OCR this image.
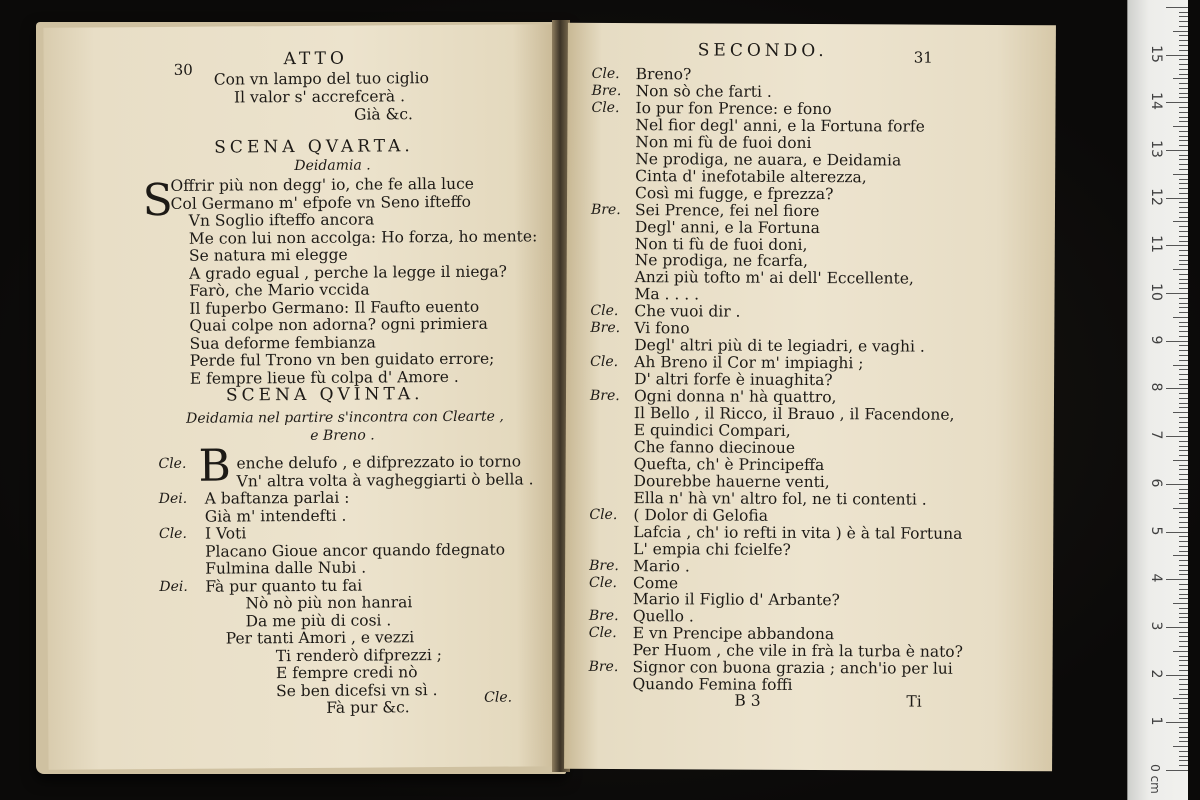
30
ATTO
Con vn lampo del tuo ciglio
Il valor s' accrefcerà .
Già &c.
SCENA QVARTA.
Deidamia .
S
Offrir più non degg' io, che fe alla luce
Col Germano m' efpofe vn Seno ifteffo
Vn Soglio ifteffo ancora
Me con lui non accolga: Ho forza, ho mente:
Se natura mi elegge
A grado egual , perche la legge il niega?
Farò, che Mario vccida
Il fuperbo Germano: Il Faufto euento
Quai colpe non adorna? ogni primiera
Sua deforme fembianza
Perde ful Trono vn ben guidato errore;
E fempre lieue fù colpa d' Amore .
SCENA QVINTA.
Deidamia nel partire s'incontra con Clearte ,
e Breno .
B
Cle.	enche delufo , e difprezzato io torno
Vn' altra volta à vagheggiarti ò bella .
Dei. A baftanza parlai :
Già m' intendefti .
Cle. I Voti
Placano Gioue ancor quando fdegnato
Fulmina dalle Nubi .
Dei. Fà pur quanto tu fai
Nò nò più non hanrai
Da me più di cosi .
Per tanti Amori , e vezzi
Ti renderò difprezzi ;
E fempre credi nò
Se ben dicefsi vn sì .
Fà pur &c.
Cle.
SECONDO.	31
Cle. Breno?
Bre. Non sò che farti .
Cle. Io pur fon Prence: e fono
Nel fior degl' anni, e la Fortuna forfe
Non mi fù de fuoi doni
Ne prodiga, ne auara, e Deidamia
Cinta d' inefotabile alterezza,
Così mi fugge, e fprezza?
Bre. Sei Prence, fei nel fiore
Degl' anni, e la Fortuna
Non ti fù de fuoi doni,
Ne prodiga, ne fcarfa,
Anzi più tofto m' ai dell' Eccellente,
Ma . . . .
Cle. Che vuoi dir .
Bre. Vi fono
Degl' altri più di te legiadri, e vaghi .
Cle. Ah Breno il Cor m' impiaghi ;
D' altri forfe è inuaghita?
Bre. Ogni donna n' hà quattro,
Il Bello , il Ricco, il Brauo , il Facendone,
E quindici Compari,
Che fanno diecinoue
Quefta, ch' è Principeffa
Dourebbe hauerne venti,
Ella n' hà vn' altro fol, ne ti contenti .
Cle. ( Dolor di Gelofia
Lafcia , ch' io refti in vita ) è à tal Fortuna
L' empia chi fcielfe?
Bre. Mario .
Cle. Come
Mario il Figlio d' Arbante?
Bre. Quello .
Cle. E vn Prencipe abbandona
Per Huom , che vile in frà la turba è nato?
Bre. Signor con buona grazia ; anch'io per lui
Quando Femina foffi
B 3	Ti
1
2
3
4
5
6
7
8
9
10
11
12
13
14
15
0 cm
